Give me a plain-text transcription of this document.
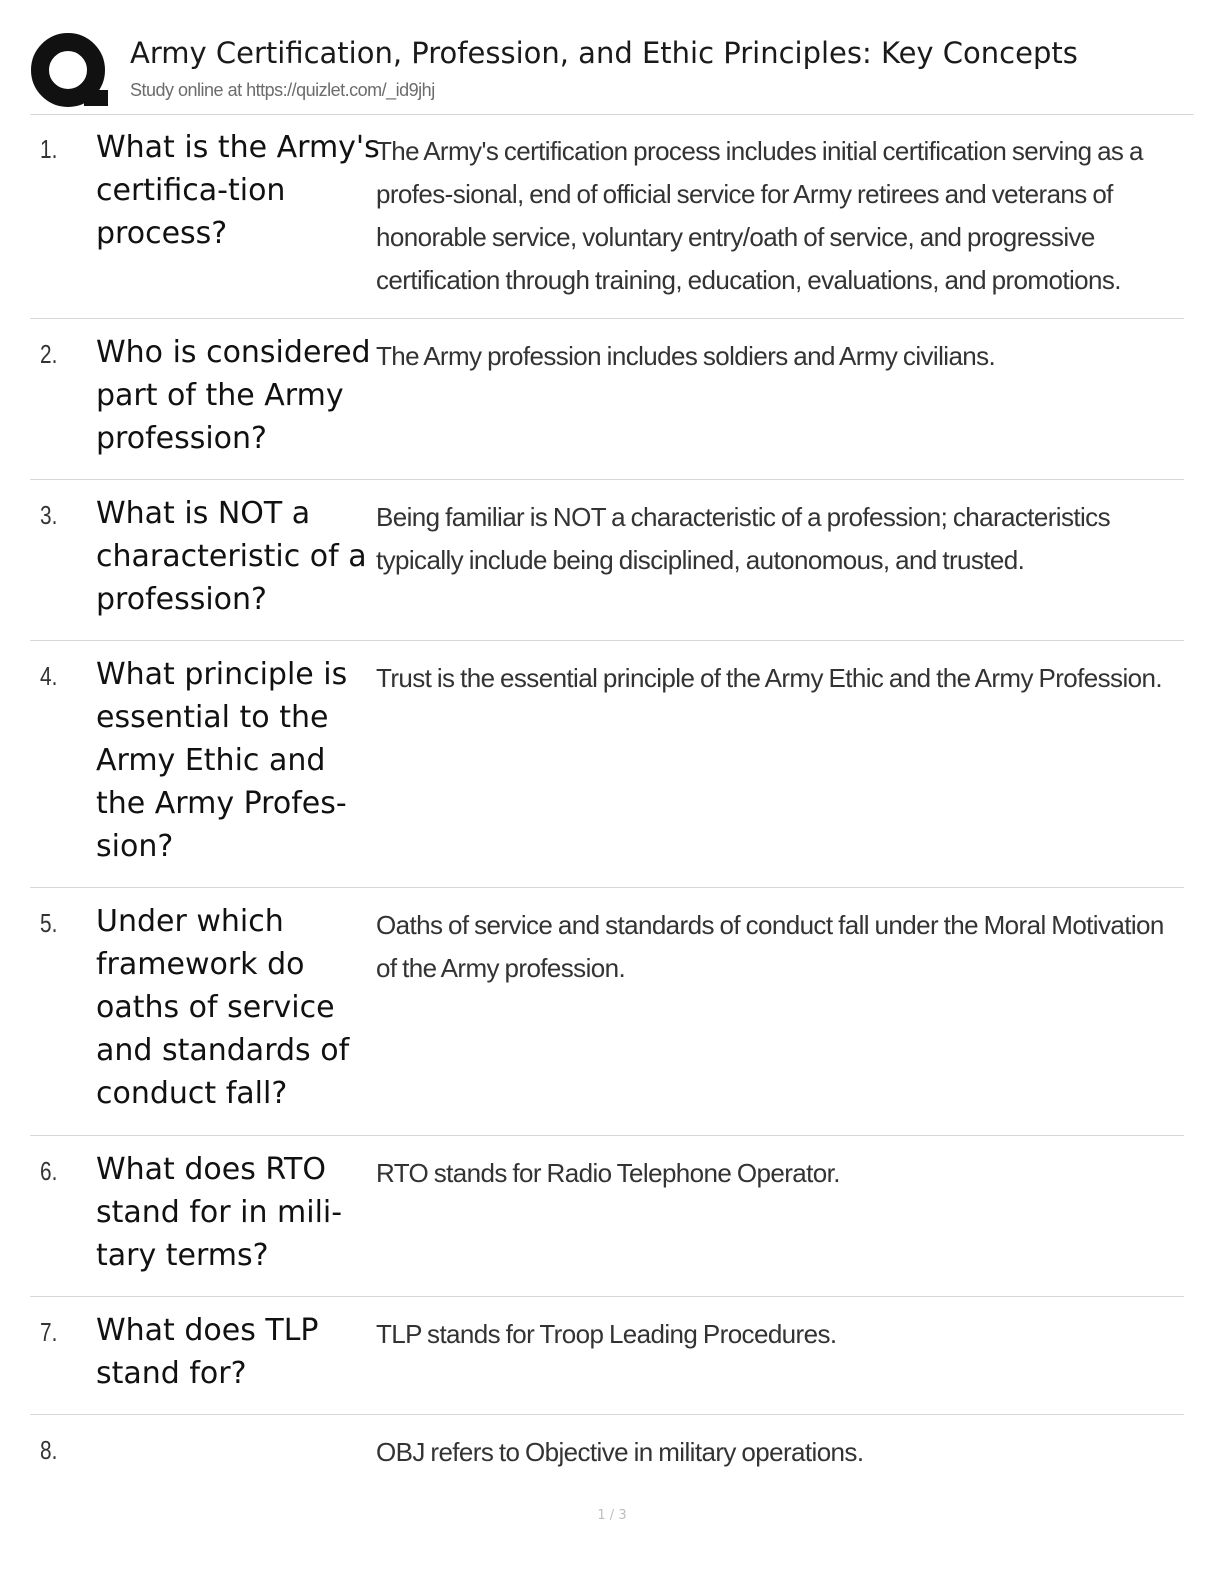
Army Certification, Profession, and Ethic Principles: Key Concepts
Study online at https://quizlet.com/_id9jhj
1. What is the Army's certifica-tion process?
The Army's certification process includes initial certification serving as a profes-sional, end of official service for Army retirees and veterans of honorable service, voluntary entry/oath of service, and progressive certification through training, education, evaluations, and promotions.
2. Who is considered part of the Army profession?
The Army profession includes soldiers and Army civilians.
3. What is NOT a characteristic of a profession?
Being familiar is NOT a characteristic of a profession; characteristics typically include being disciplined, autonomous, and trusted.
4. What principle is essential to the Army Ethic and the Army Profes-sion?
Trust is the essential principle of the Army Ethic and the Army Profession.
5. Under which framework do oaths of service and standards of conduct fall?
Oaths of service and standards of conduct fall under the Moral Motivation of the Army profession.
6. What does RTO stand for in mili-tary terms?
RTO stands for Radio Telephone Operator.
7. What does TLP stand for?
TLP stands for Troop Leading Procedures.
8.	OBJ refers to Objective in military operations.
1 / 3
